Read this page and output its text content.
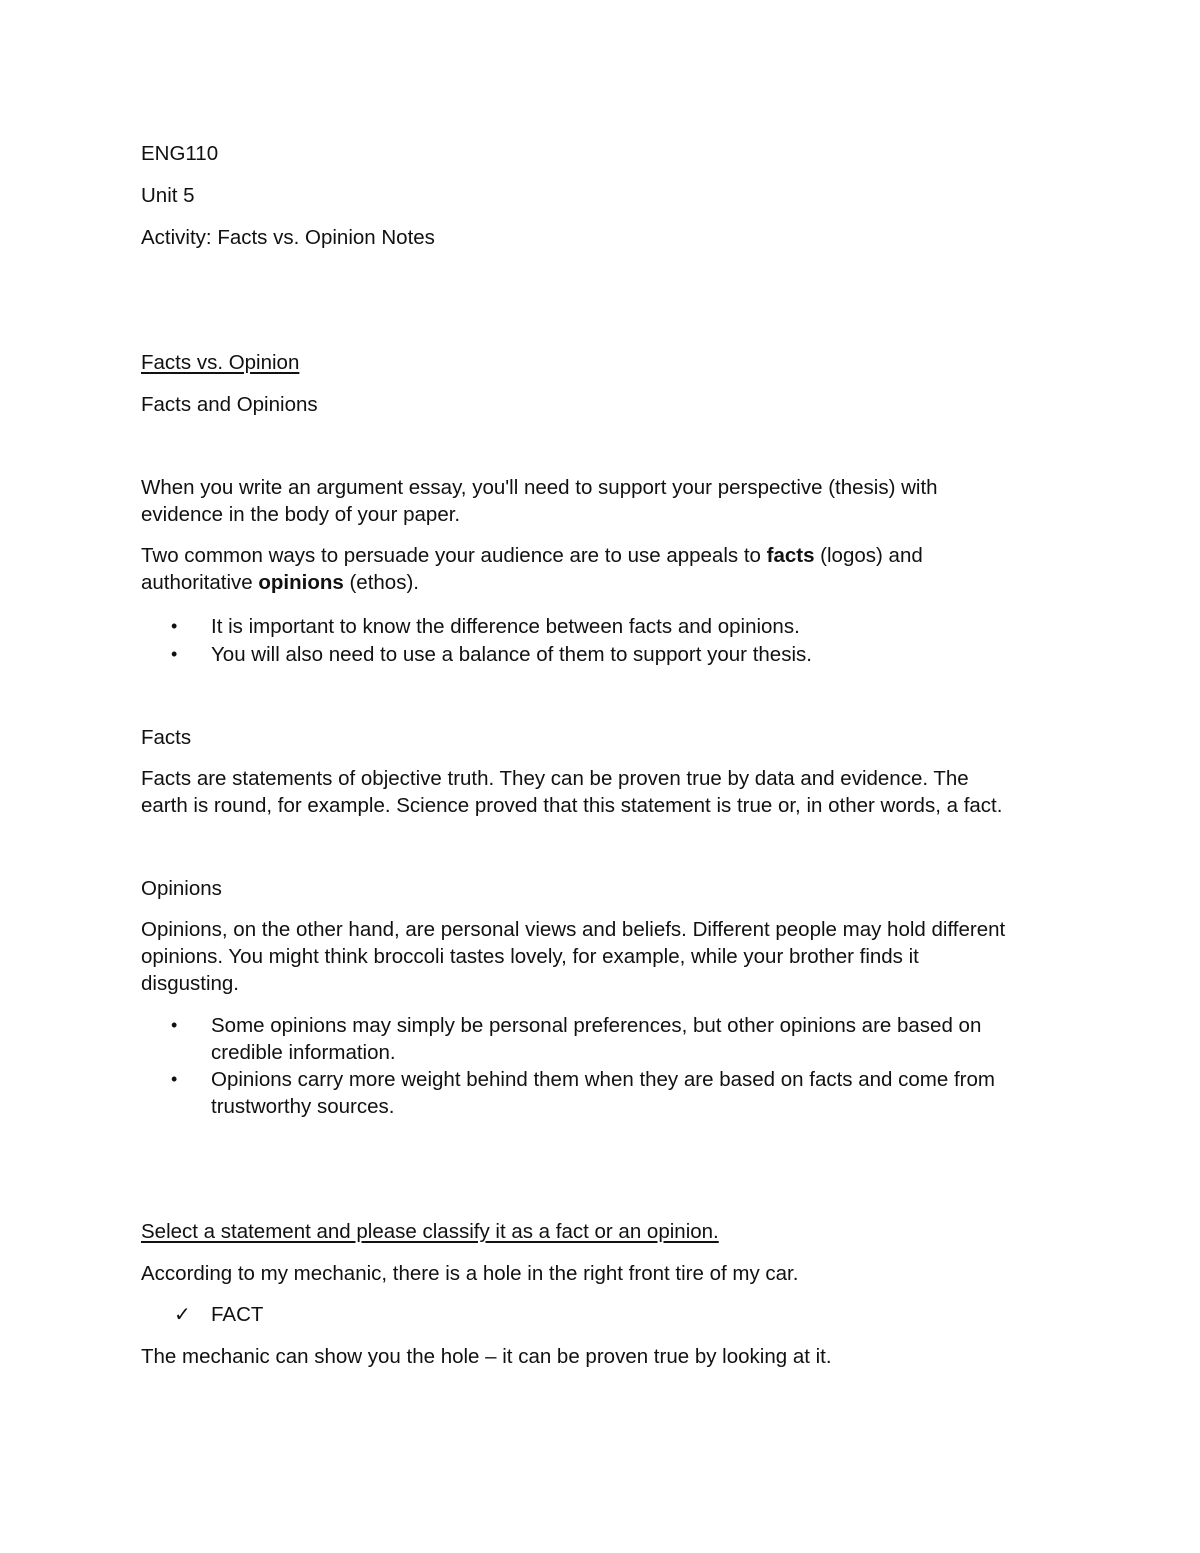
ENG110

Unit 5

Activity: Facts vs. Opinion Notes

Facts vs. Opinion

Facts and Opinions

When you write an argument essay, you'll need to support your perspective (thesis) with

evidence in the body of your paper.

Two common ways to persuade your audience are to use appeals to facts (logos) and

authoritative opinions (ethos).

• It is important to know the difference between facts and opinions.
• You will also need to use a balance of them to support your thesis.

Facts

Facts are statements of objective truth. They can be proven true by data and evidence. The

earth is round, for example. Science proved that this statement is true or, in other words, a fact.

Opinions

Opinions, on the other hand, are personal views and beliefs. Different people may hold different

opinions. You might think broccoli tastes lovely, for example, while your brother finds it

disgusting.

• Some opinions may simply be personal preferences, but other opinions are based on
credible information.
• Opinions carry more weight behind them when they are based on facts and come from
trustworthy sources.

Select a statement and please classify it as a fact or an opinion.

According to my mechanic, there is a hole in the right front tire of my car.

✓ FACT

The mechanic can show you the hole – it can be proven true by looking at it.
